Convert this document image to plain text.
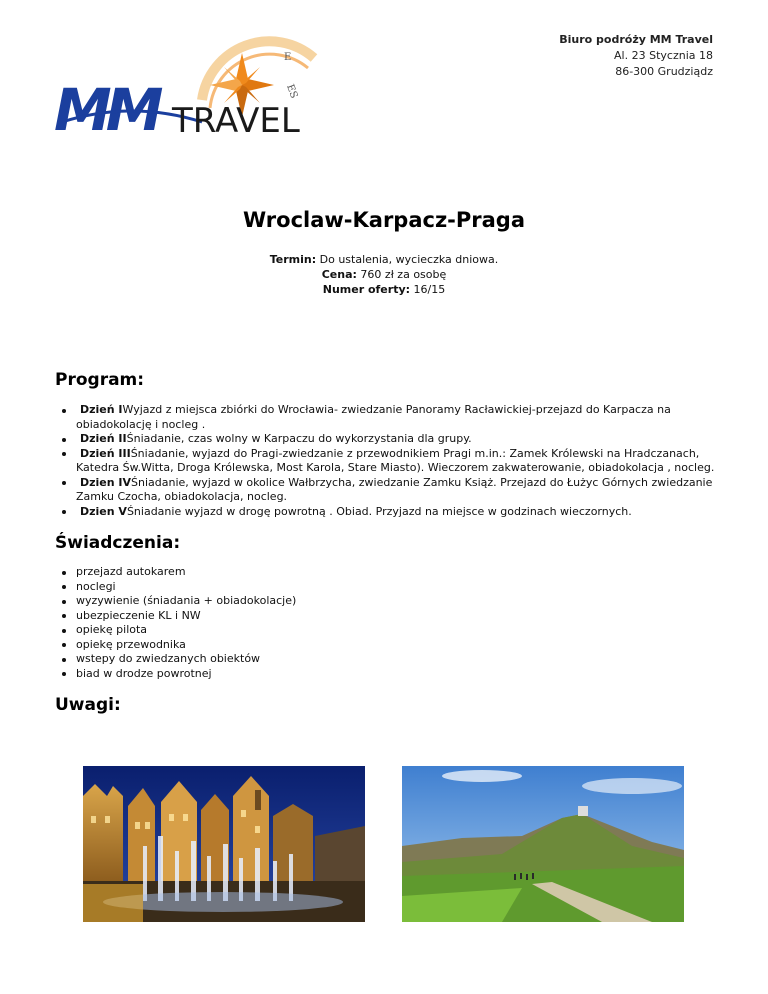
Biuro podróży MM Travel
Al. 23 Stycznia 18
86-300 Grudziądz
E
ES
MM TRAVEL
Wroclaw-Karpacz-Praga
Termin: Do ustalenia, wycieczka dniowa.
Cena: 760 zł za osobę
Numer oferty: 16/15
Program:
Dzień IWyjazd z miejsca zbiórki do Wrocławia- zwiedzanie Panoramy Racławickiej-przejazd do Karpacza na obiadokolację i nocleg .
Dzień IIŚniadanie, czas wolny w Karpaczu do wykorzystania dla grupy.
Dzień IIIŚniadanie, wyjazd do Pragi-zwiedzanie z przewodnikiem Pragi m.in.: Zamek Królewski na Hradczanach, Katedra Św.Witta, Droga Królewska, Most Karola, Stare Miasto). Wieczorem zakwaterowanie, obiadokolacja , nocleg.
Dzien IVŚniadanie, wyjazd w okolice Wałbrzycha, zwiedzanie Zamku Książ. Przejazd do Łużyc Górnych zwiedzanie Zamku Czocha, obiadokolacja, nocleg.
Dzien VŚniadanie wyjazd w drogę powrotną . Obiad. Przyjazd na miejsce w godzinach wieczornych.
Świadczenia:
przejazd autokarem
noclegi
wyzywienie (śniadania + obiadokolacje)
ubezpieczenie KL i NW
opiekę pilota
opiekę przewodnika
wstepy do zwiedzanych obiektów
biad w drodze powrotnej
Uwagi:
